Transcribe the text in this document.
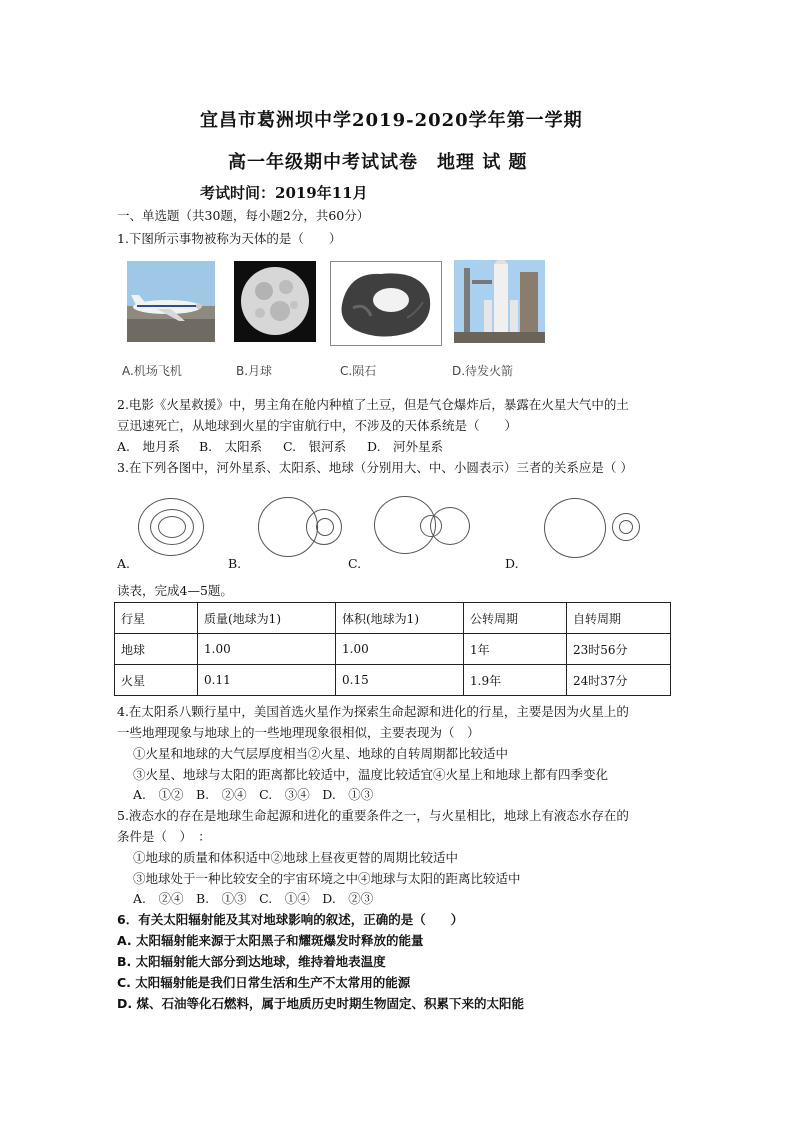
宜昌市葛洲坝中学2019-2020学年第一学期
高一年级期中考试试卷　地理 试 题
考试时间：2019年11月
一、单选题（共30题，每小题2分，共60分）
1.下图所示事物被称为天体的是（　　）
A.机场飞机	B.月球	C.陨石	D.待发火箭
2.电影《火星救援》中，男主角在舱内种植了土豆，但是气仓爆炸后，暴露在火星大气中的土
豆迅速死亡，从地球到火星的宇宙航行中，不涉及的天体系统是（　　）
A.　地月系 B.　太阳系 C.　银河系 D.　河外星系
3.在下列各图中，河外星系、太阳系、地球（分别用大、中、小圆表示）三者的关系应是（ ）
A.	B.	C.	D.
读表，完成4—5题。
行星	质量(地球为1)	体积(地球为1)	公转周期	自转周期
地球	1.00	1.00	1年	23时56分
火星	0.11	0.15	1.9年	24时37分
4.在太阳系八颗行星中，美国首选火星作为探索生命起源和进化的行星，主要是因为火星上的
一些地理现象与地球上的一些地理现象很相似，主要表现为（　）
①火星和地球的大气层厚度相当②火星、地球的自转周期都比较适中
③火星、地球与太阳的距离都比较适中，温度比较适宜④火星上和地球上都有四季变化
A.　①②　B.　②④　C.　③④　D.　①③
5.液态水的存在是地球生命起源和进化的重要条件之一，与火星相比，地球上有液态水存在的
条件是（　）　：
①地球的质量和体积适中②地球上昼夜更替的周期比较适中
③地球处于一种比较安全的宇宙环境之中④地球与太阳的距离比较适中
A.　②④　B.　①③　C.　①④　D.　②③
6．有关太阳辐射能及其对地球影响的叙述，正确的是（　　）
A. 太阳辐射能来源于太阳黑子和耀斑爆发时释放的能量
B. 太阳辐射能大部分到达地球，维持着地表温度
C. 太阳辐射能是我们日常生活和生产不太常用的能源
D. 煤、石油等化石燃料，属于地质历史时期生物固定、积累下来的太阳能
